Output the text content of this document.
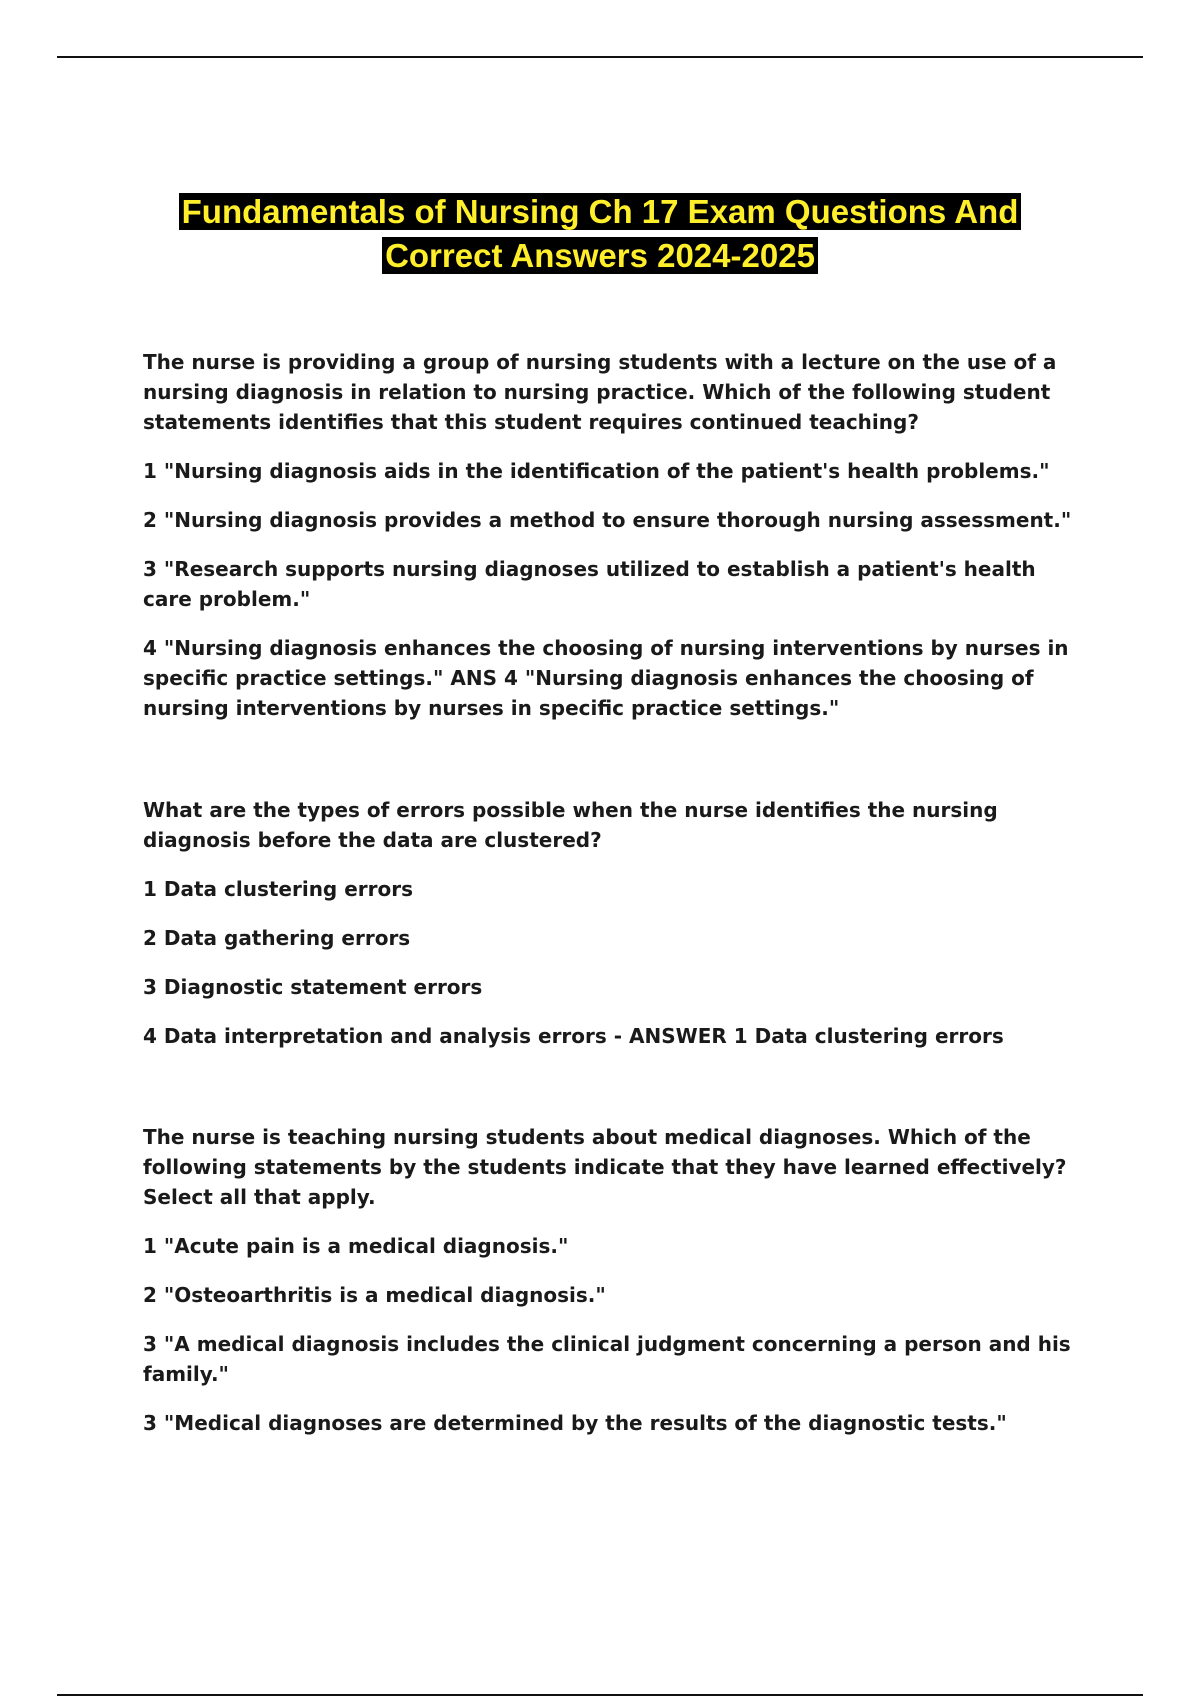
Fundamentals of Nursing Ch 17 Exam Questions And
Correct Answers 2024-2025

The nurse is providing a group of nursing students with a lecture on the use of a nursing diagnosis in relation to nursing practice. Which of the following student statements identifies that this student requires continued teaching?

1 "Nursing diagnosis aids in the identification of the patient's health problems."

2 "Nursing diagnosis provides a method to ensure thorough nursing assessment."

3 "Research supports nursing diagnoses utilized to establish a patient's health care problem."

4 "Nursing diagnosis enhances the choosing of nursing interventions by nurses in specific practice settings." ANS 4 "Nursing diagnosis enhances the choosing of nursing interventions by nurses in specific practice settings."

What are the types of errors possible when the nurse identifies the nursing diagnosis before the data are clustered?

1 Data clustering errors

2 Data gathering errors

3 Diagnostic statement errors

4 Data interpretation and analysis errors - ANSWER 1 Data clustering errors

The nurse is teaching nursing students about medical diagnoses. Which of the following statements by the students indicate that they have learned effectively? Select all that apply.

1 "Acute pain is a medical diagnosis."

2 "Osteoarthritis is a medical diagnosis."

3 "A medical diagnosis includes the clinical judgment concerning a person and his family."

3 "Medical diagnoses are determined by the results of the diagnostic tests."
